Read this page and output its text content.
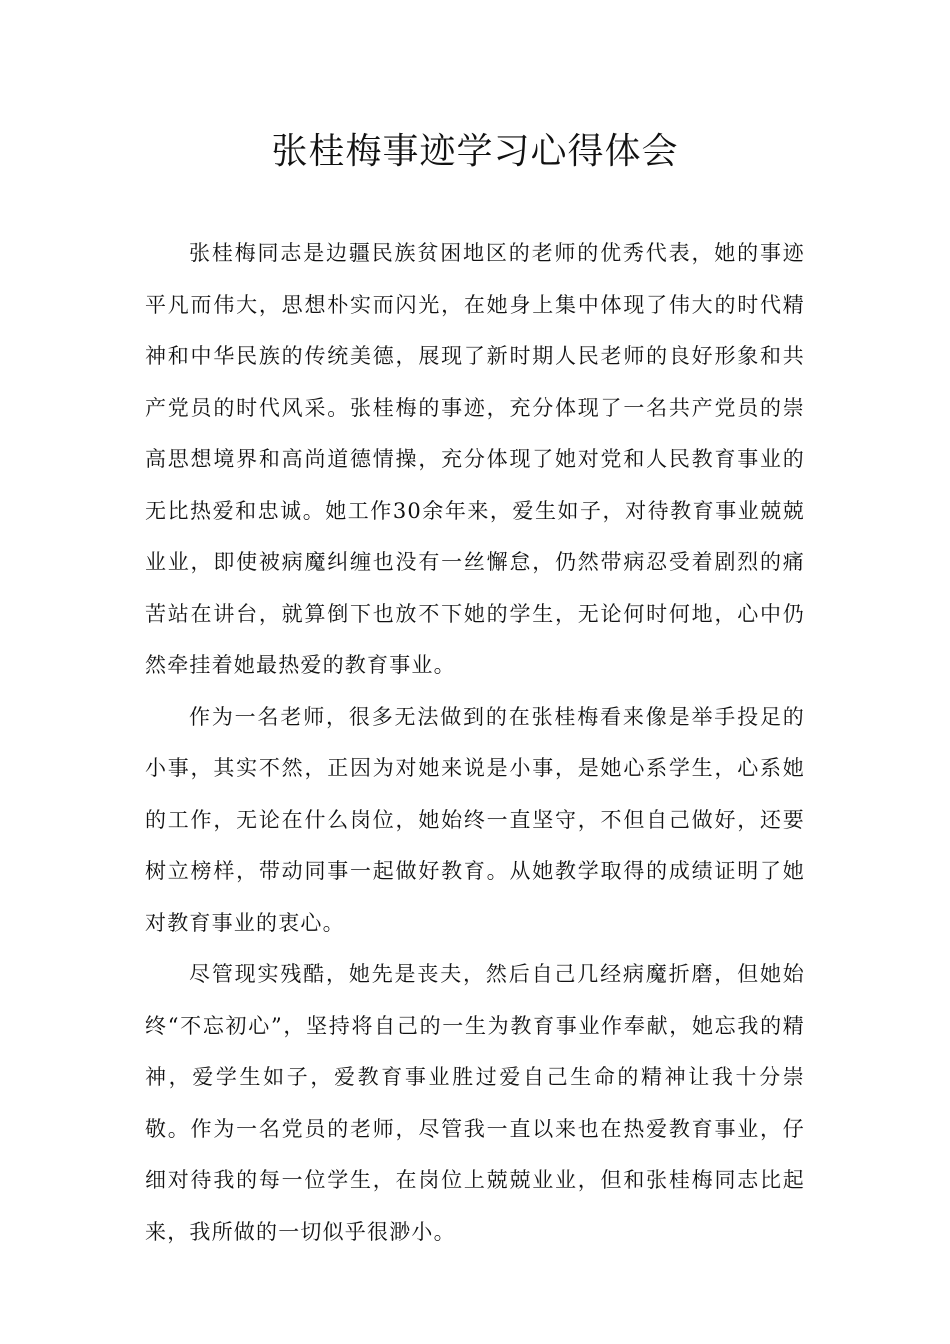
张桂梅事迹学习心得体会

张桂梅同志是边疆民族贫困地区的老师的优秀代表，她的事迹平凡而伟大，思想朴实而闪光，在她身上集中体现了伟大的时代精神和中华民族的传统美德，展现了新时期人民老师的良好形象和共产党员的时代风采。张桂梅的事迹，充分体现了一名共产党员的崇高思想境界和高尚道德情操，充分体现了她对党和人民教育事业的无比热爱和忠诚。她工作30余年来，爱生如子，对待教育事业兢兢业业，即使被病魔纠缠也没有一丝懈怠，仍然带病忍受着剧烈的痛苦站在讲台，就算倒下也放不下她的学生，无论何时何地，心中仍然牵挂着她最热爱的教育事业。

作为一名老师，很多无法做到的在张桂梅看来像是举手投足的小事，其实不然，正因为对她来说是小事，是她心系学生，心系她的工作，无论在什么岗位，她始终一直坚守，不但自己做好，还要树立榜样，带动同事一起做好教育。从她教学取得的成绩证明了她对教育事业的衷心。

尽管现实残酷，她先是丧夫，然后自己几经病魔折磨，但她始终“不忘初心”，坚持将自己的一生为教育事业作奉献，她忘我的精神，爱学生如子，爱教育事业胜过爱自己生命的精神让我十分崇敬。作为一名党员的老师，尽管我一直以来也在热爱教育事业，仔细对待我的每一位学生，在岗位上兢兢业业，但和张桂梅同志比起来，我所做的一切似乎很渺小。
